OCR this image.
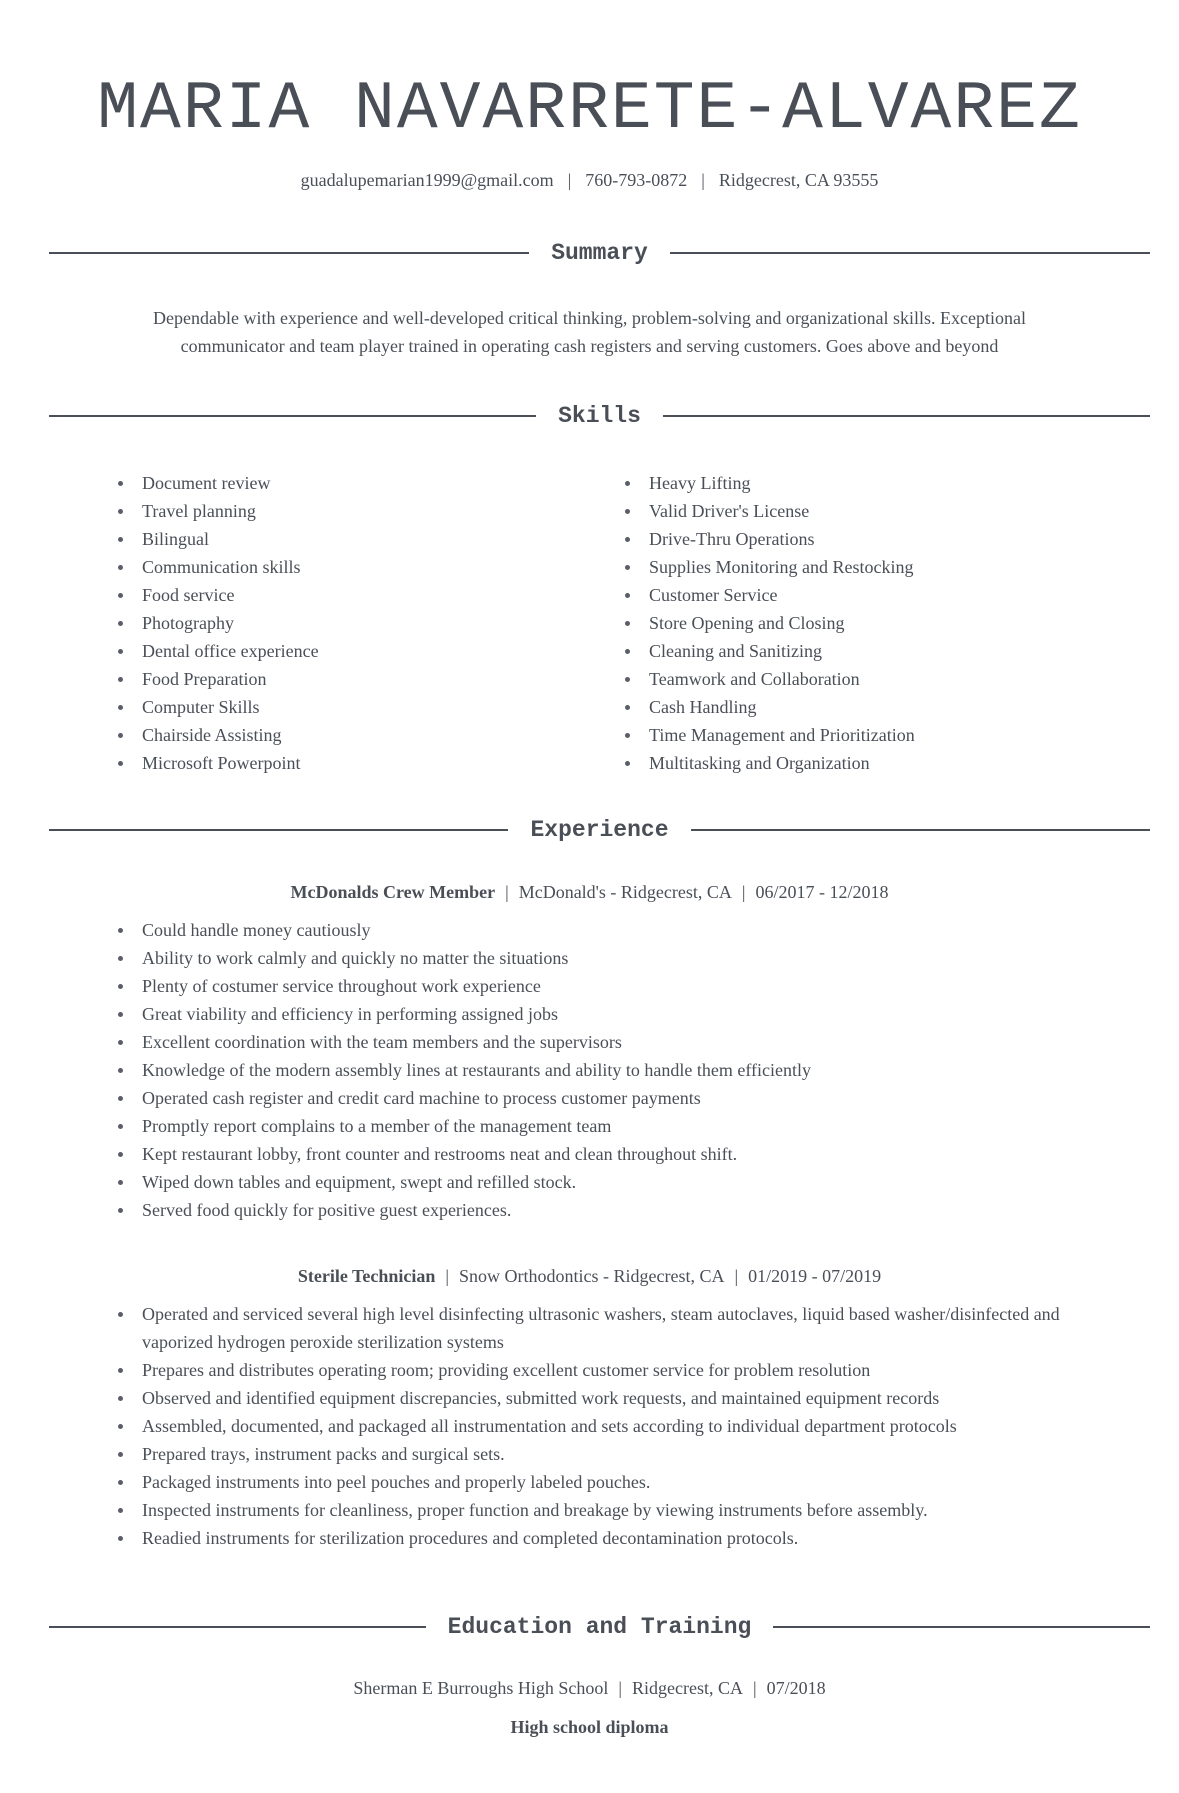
MARIA NAVARRETE-ALVAREZ
guadalupemarian1999@gmail.com | 760-793-0872 | Ridgecrest, CA 93555
Summary
Dependable with experience and well-developed critical thinking, problem-solving and organizational skills. Exceptional communicator and team player trained in operating cash registers and serving customers. Goes above and beyond
Skills
Document review
Travel planning
Bilingual
Communication skills
Food service
Photography
Dental office experience
Food Preparation
Computer Skills
Chairside Assisting
Microsoft Powerpoint
Heavy Lifting
Valid Driver's License
Drive-Thru Operations
Supplies Monitoring and Restocking
Customer Service
Store Opening and Closing
Cleaning and Sanitizing
Teamwork and Collaboration
Cash Handling
Time Management and Prioritization
Multitasking and Organization
Experience
McDonalds Crew Member | McDonald's - Ridgecrest, CA | 06/2017 - 12/2018
Could handle money cautiously
Ability to work calmly and quickly no matter the situations
Plenty of costumer service throughout work experience
Great viability and efficiency in performing assigned jobs
Excellent coordination with the team members and the supervisors
Knowledge of the modern assembly lines at restaurants and ability to handle them efficiently
Operated cash register and credit card machine to process customer payments
Promptly report complains to a member of the management team
Kept restaurant lobby, front counter and restrooms neat and clean throughout shift.
Wiped down tables and equipment, swept and refilled stock.
Served food quickly for positive guest experiences.
Sterile Technician | Snow Orthodontics - Ridgecrest, CA | 01/2019 - 07/2019
Operated and serviced several high level disinfecting ultrasonic washers, steam autoclaves, liquid based washer/disinfected and vaporized hydrogen peroxide sterilization systems
Prepares and distributes operating room; providing excellent customer service for problem resolution
Observed and identified equipment discrepancies, submitted work requests, and maintained equipment records
Assembled, documented, and packaged all instrumentation and sets according to individual department protocols
Prepared trays, instrument packs and surgical sets.
Packaged instruments into peel pouches and properly labeled pouches.
Inspected instruments for cleanliness, proper function and breakage by viewing instruments before assembly.
Readied instruments for sterilization procedures and completed decontamination protocols.
Education and Training
Sherman E Burroughs High School | Ridgecrest, CA | 07/2018
High school diploma
